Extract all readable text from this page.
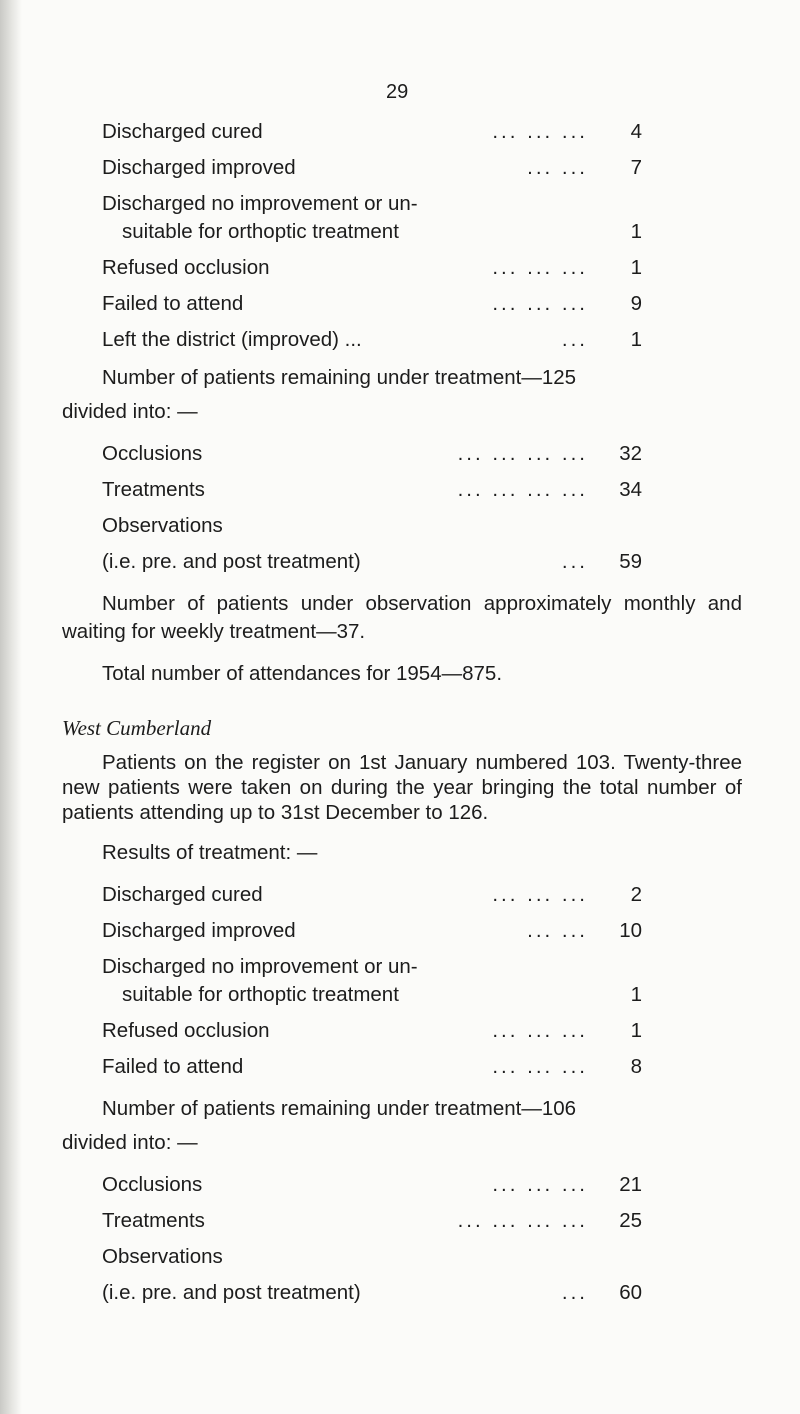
29
Discharged cured	... ... ...	4
Discharged improved	... ...	7
Discharged no improvement or un-
suitable for orthoptic treatment	1
Refused occlusion	... ... ...	1
Failed to attend	... ... ...	9
Left the district (improved) ...	...	1
Number of patients remaining under treatment—125
divided into: —
Occlusions	... ... ... ...	32
Treatments	... ... ... ...	34
Observations
(i.e. pre. and post treatment)	...	59

Number of patients under observation approximately monthly and waiting for weekly treatment—37.

Total number of attendances for 1954—875.

West Cumberland

Patients on the register on 1st January numbered 103. Twenty-three new patients were taken on during the year bringing the total number of patients attending up to 31st December to 126.

Results of treatment: —

Discharged cured	... ... ...	2
Discharged improved	... ...	10
Discharged no improvement or un-
suitable for orthoptic treatment	1
Refused occlusion	... ... ...	1
Failed to attend	... ... ...	8
Number of patients remaining under treatment—106
divided into: —
Occlusions	... ... ...	21
Treatments	... ... ... ...	25
Observations
(i.e. pre. and post treatment)	...	60
